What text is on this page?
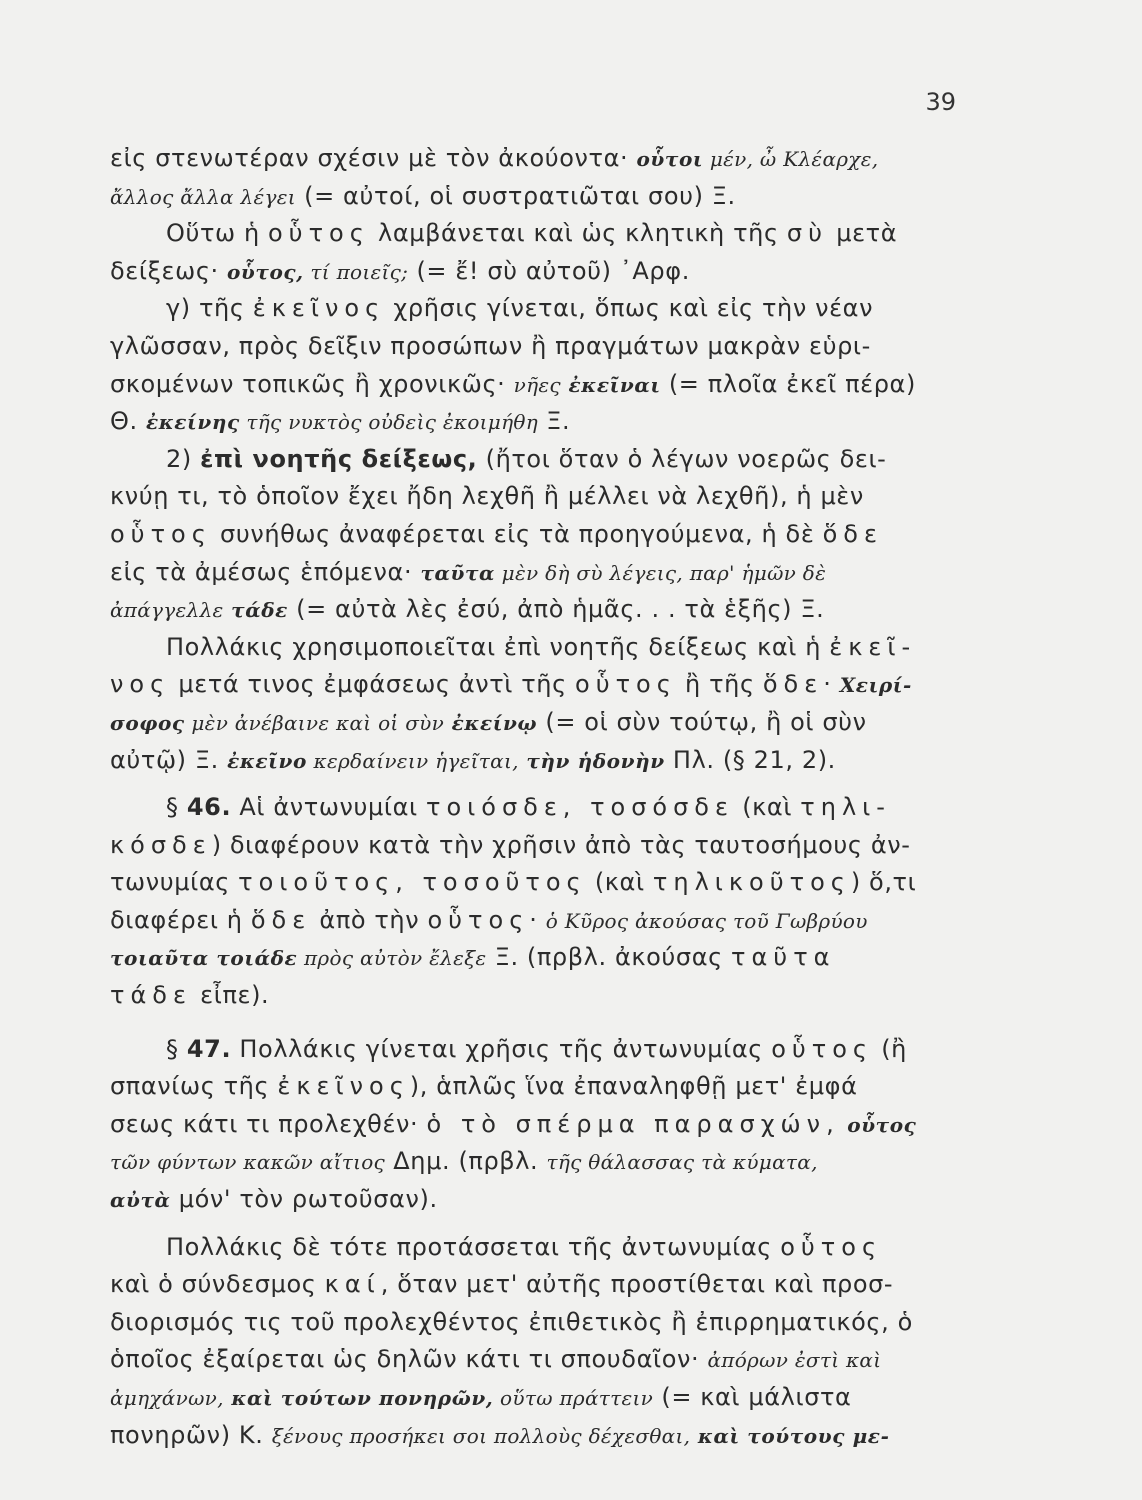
39
εἰς στενωτέραν σχέσιν μὲ τὸν ἀκούοντα· οὗτοι μέν, ὦ Κλέαρχε,
ἄλλος ἄλλα λέγει (= αὐτοί, οἱ συστρατιῶται σου) Ξ.
Οὕτω ἡ οὗτος λαμβάνεται καὶ ὡς κλητικὴ τῆς σὺ μετὰ
δείξεως· οὗτος, τί ποιεῖς; (= ἔ! σὺ αὐτοῦ) ᾿Αρφ.
γ) τῆς ἐκεῖνος χρῆσις γίνεται, ὅπως καὶ εἰς τὴν νέαν
γλῶσσαν, πρὸς δεῖξιν προσώπων ἢ πραγμάτων μακρὰν εὑρι-
σκομένων τοπικῶς ἢ χρονικῶς· νῆες ἐκεῖναι (= πλοῖα ἐκεῖ πέρα)
Θ. ἐκείνης τῆς νυκτὸς οὐδεὶς ἐκοιμήθη Ξ.
2) ἐπὶ νοητῆς δείξεως, (ἤτοι ὅταν ὁ λέγων νοερῶς δει-
κνύῃ τι, τὸ ὁποῖον ἔχει ἤδη λεχθῆ ἢ μέλλει νὰ λεχθῆ), ἡ μὲν
οὗτος συνήθως ἀναφέρεται εἰς τὰ προηγούμενα, ἡ δὲ ὅδε
εἰς τὰ ἀμέσως ἑπόμενα· ταῦτα μὲν δὴ σὺ λέγεις, παρ' ἡμῶν δὲ
ἀπάγγελλε τάδε (= αὐτὰ λὲς ἐσύ, ἀπὸ ἡμᾶς. . . τὰ ἑξῆς) Ξ.
Πολλάκις χρησιμοποιεῖται ἐπὶ νοητῆς δείξεως καὶ ἡ ἐκεῖ-
νος μετά τινος ἐμφάσεως ἀντὶ τῆς οὗτος ἢ τῆς ὅδε· Χειρί-
σοφος μὲν ἀνέβαινε καὶ οἱ σὺν ἐκείνῳ (= οἱ σὺν τούτῳ, ἢ οἱ σὺν
αὐτῷ) Ξ. ἐκεῖνο κερδαίνειν ἡγεῖται, τὴν ἡδονὴν Πλ. (§ 21, 2).
§ 46. Αἱ ἀντωνυμίαι τοιόσδε, τοσόσδε (καὶ τηλι-
κόσδε) διαφέρουν κατὰ τὴν χρῆσιν ἀπὸ τὰς ταυτοσήμους ἀν-
τωνυμίας τοιοῦτος, τοσοῦτος (καὶ τηλικοῦτος) ὅ,τι
διαφέρει ἡ ὅδε ἀπὸ τὴν οὗτος· ὁ Κῦρος ἀκούσας τοῦ Γωβρύου
τοιαῦτα τοιάδε πρὸς αὐτὸν ἔλεξε Ξ. (πρβλ. ἀκούσας ταῦτα
τάδε εἶπε).
§ 47. Πολλάκις γίνεται χρῆσις τῆς ἀντωνυμίας οὗτος (ἢ
σπανίως τῆς ἐκεῖνος), ἁπλῶς ἵνα ἐπαναληφθῇ μετ' ἐμφά
σεως κάτι τι προλεχθέν· ὁ τὸ σπέρμα παρασχών, οὗτος
τῶν φύντων κακῶν αἴτιος Δημ. (πρβλ. τῆς θάλασσας τὰ κύματα,
αὐτὰ μόν' τὸν ρωτοῦσαν).
Πολλάκις δὲ τότε προτάσσεται τῆς ἀντωνυμίας οὗτος
καὶ ὁ σύνδεσμος καί, ὅταν μετ' αὐτῆς προστίθεται καὶ προσ-
διορισμός τις τοῦ προλεχθέντος ἐπιθετικὸς ἢ ἐπιρρηματικός, ὁ
ὁποῖος ἐξαίρεται ὡς δηλῶν κάτι τι σπουδαῖον· ἀπόρων ἐστὶ καὶ
ἀμηχάνων, καὶ τούτων πονηρῶν, οὕτω πράττειν (= καὶ μάλιστα
πονηρῶν) Κ. ξένους προσήκει σοι πολλοὺς δέχεσθαι, καὶ τούτους με-
